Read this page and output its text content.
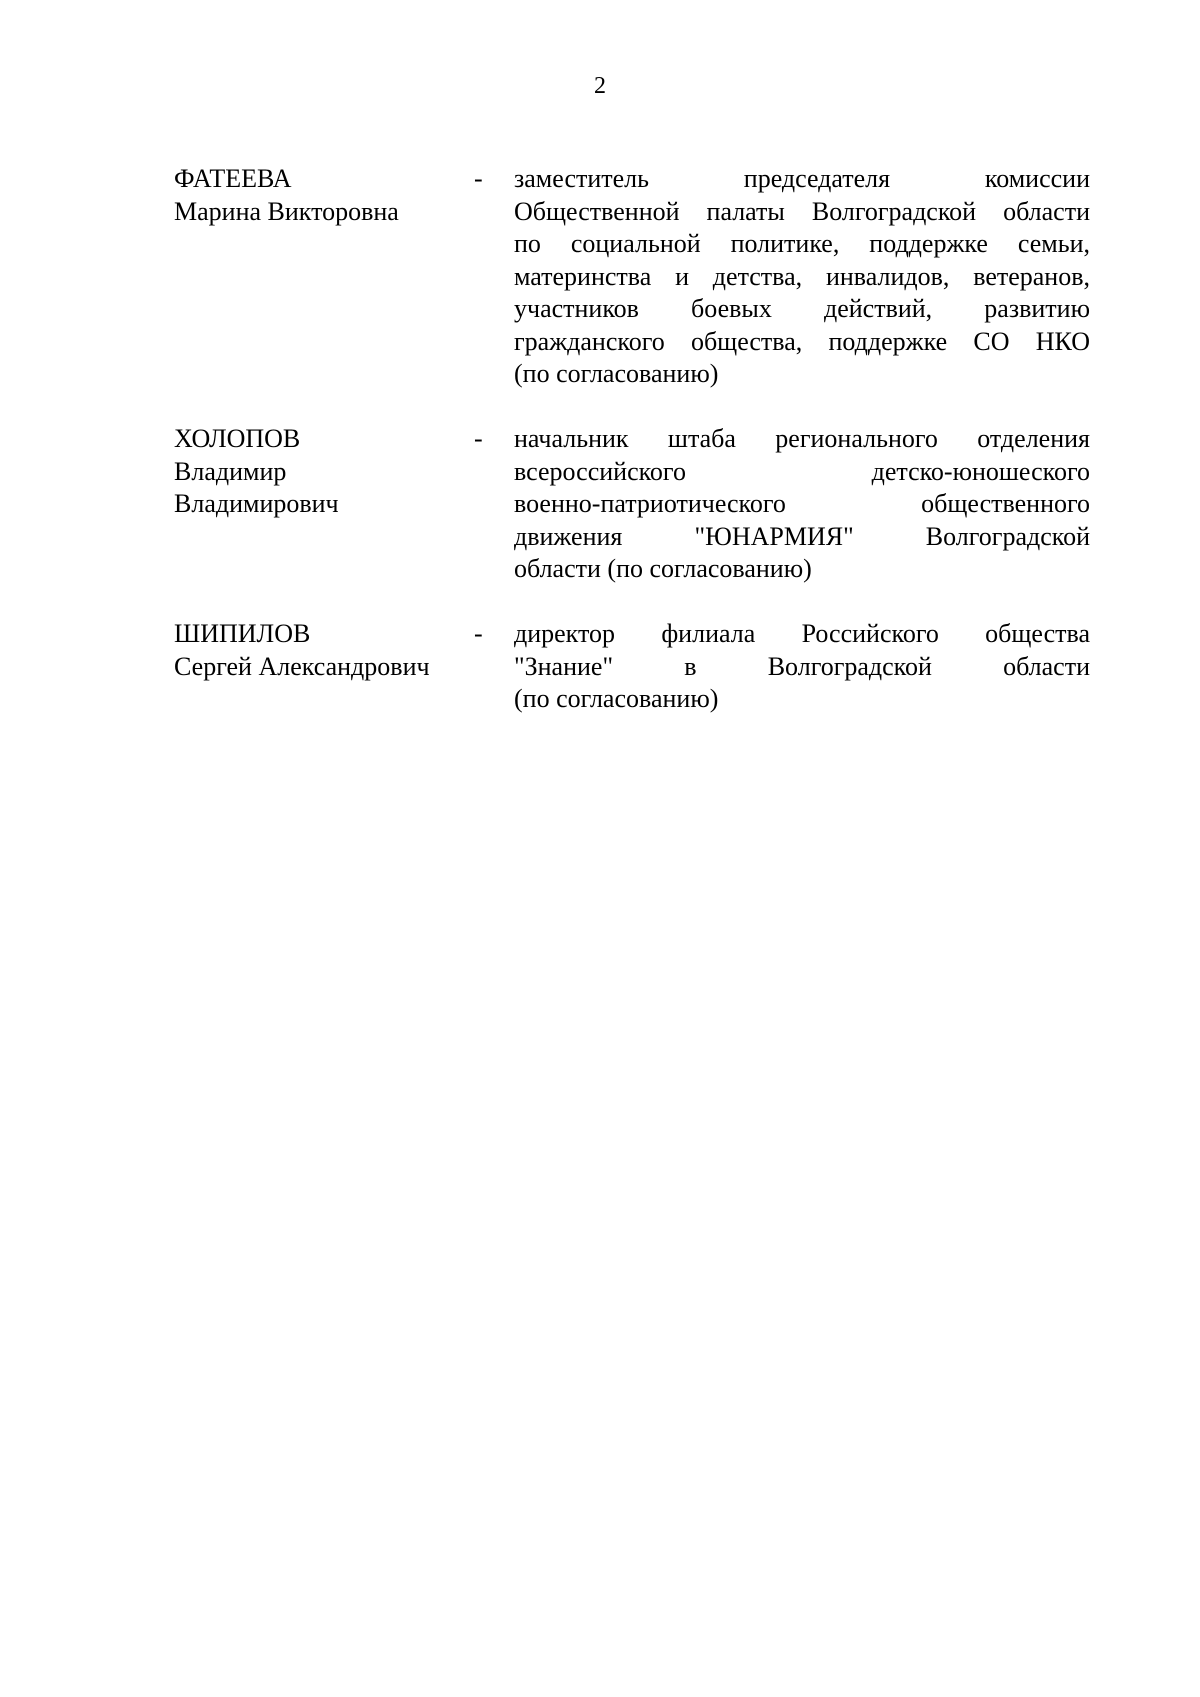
2
ФАТЕЕВА
Марина Викторовна
- заместитель председателя комиссии
Общественной палаты Волгоградской области
по социальной политике, поддержке семьи,
материнства и детства, инвалидов, ветеранов,
участников боевых действий, развитию
гражданского общества, поддержке СО НКО
(по согласованию)
ХОЛОПОВ
Владимир
Владимирович
- начальник штаба регионального отделения
всероссийского детско-юношеского
военно-патриотического общественного
движения "ЮНАРМИЯ" Волгоградской
области (по согласованию)
ШИПИЛОВ
Сергей Александрович
- директор филиала Российского общества
"Знание" в Волгоградской области
(по согласованию)
